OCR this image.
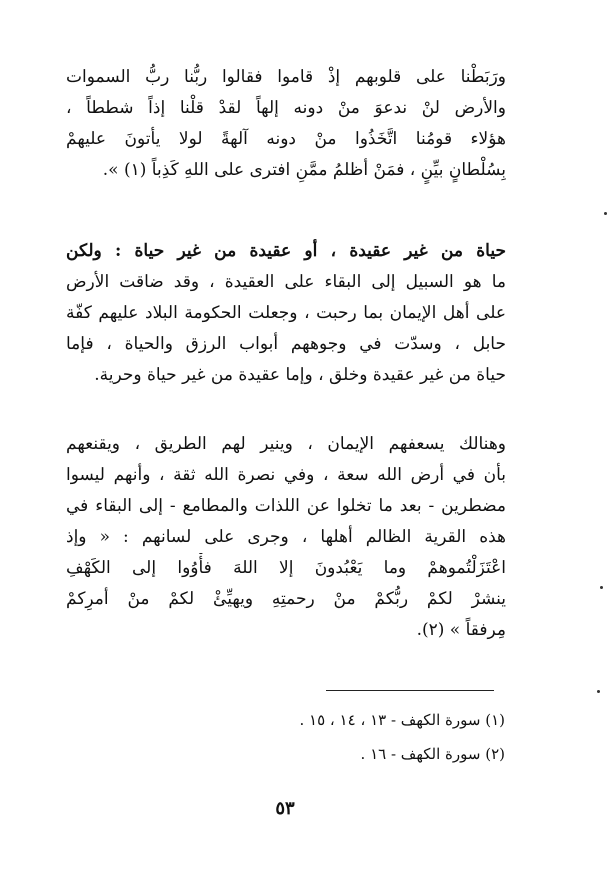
ورَبَطْنا على قلوبهم إذْ قاموا فقالوا ربُّنا ربُّ السموات
والأرض لنْ ندعوَ منْ دونه إلهاً لقدْ قلْنا إذاً شططاً ،
هؤلاء قومُنا اتَّخَذُوا منْ دونه آلهةً لولا يأتونَ عليهمْ
بِسُلْطانٍ بيِّنٍ ، فمَنْ أظلمُ ممَّنِ افترى على اللهِ كَذِباً (١) ».
حياة من غير عقيدة ، أو عقيدة من غير حياة : ولكن
ما هو السبيل إلى البقاء على العقيدة ، وقد ضاقت الأرض
على أهل الإيمان بما رحبت ، وجعلت الحكومة البلاد عليهم كفّة
حابل ، وسدّت في وجوههم أبواب الرزق والحياة ، فإما
حياة من غير عقيدة وخلق ، وإما عقيدة من غير حياة وحرية.
وهنالك يسعفهم الإيمان ، وينير لهم الطريق ، ويقنعهم
بأن في أرض الله سعة ، وفي نصرة الله ثقة ، وأنهم ليسوا
مضطرين - بعد ما تخلوا عن اللذات والمطامع - إلى البقاء في
هذه القرية الظالم أهلها ، وجرى على لسانهم : « وإذ
اعْتَزَلْتُموهمْ وما يَعْبُدونَ إلا اللهَ فأْوُوا إلى الكَهْفِ
ينشرْ لكمْ ربُّكمْ منْ رحمتِهِ ويهيِّئْ لكمْ منْ أمرِكمْ
مِرفقاً » (٢).
(١) سورة الكهف - ١٣ ، ١٤ ، ١٥ .
(٢) سورة الكهف - ١٦ .
٥٣
